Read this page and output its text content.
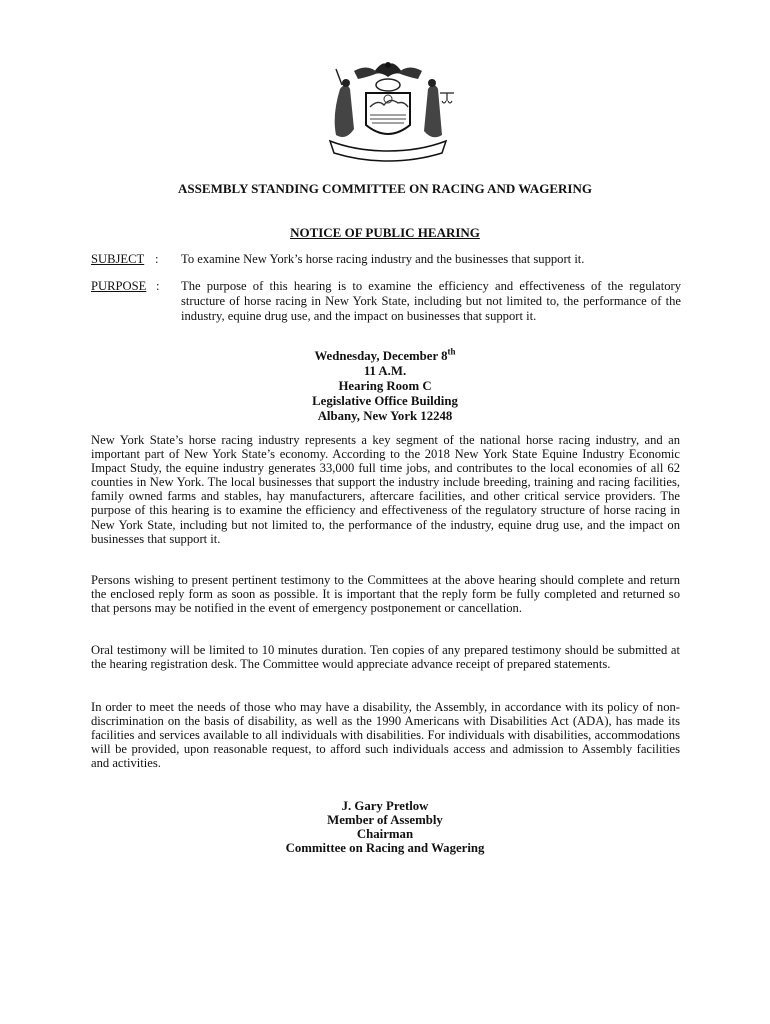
ASSEMBLY STANDING COMMITTEE ON RACING AND WAGERING
NOTICE OF PUBLIC HEARING
SUBJECT : To examine New York’s horse racing industry and the businesses that support it.
PURPOSE : The purpose of this hearing is to examine the efficiency and effectiveness of the regulatory structure of horse racing in New York State, including but not limited to, the performance of the industry, equine drug use, and the impact on businesses that support it.
Wednesday, December 8th
11 A.M.
Hearing Room C
Legislative Office Building
Albany, New York 12248
New York State’s horse racing industry represents a key segment of the national horse racing industry, and an important part of New York State’s economy. According to the 2018 New York State Equine Industry Economic Impact Study, the equine industry generates 33,000 full time jobs, and contributes to the local economies of all 62 counties in New York. The local businesses that support the industry include breeding, training and racing facilities, family owned farms and stables, hay manufacturers, aftercare facilities, and other critical service providers. The purpose of this hearing is to examine the efficiency and effectiveness of the regulatory structure of horse racing in New York State, including but not limited to, the performance of the industry, equine drug use, and the impact on businesses that support it.
Persons wishing to present pertinent testimony to the Committees at the above hearing should complete and return the enclosed reply form as soon as possible. It is important that the reply form be fully completed and returned so that persons may be notified in the event of emergency postponement or cancellation.
Oral testimony will be limited to 10 minutes duration. Ten copies of any prepared testimony should be submitted at the hearing registration desk. The Committee would appreciate advance receipt of prepared statements.
In order to meet the needs of those who may have a disability, the Assembly, in accordance with its policy of non-discrimination on the basis of disability, as well as the 1990 Americans with Disabilities Act (ADA), has made its facilities and services available to all individuals with disabilities. For individuals with disabilities, accommodations will be provided, upon reasonable request, to afford such individuals access and admission to Assembly facilities and activities.
J. Gary Pretlow
Member of Assembly
Chairman
Committee on Racing and Wagering
